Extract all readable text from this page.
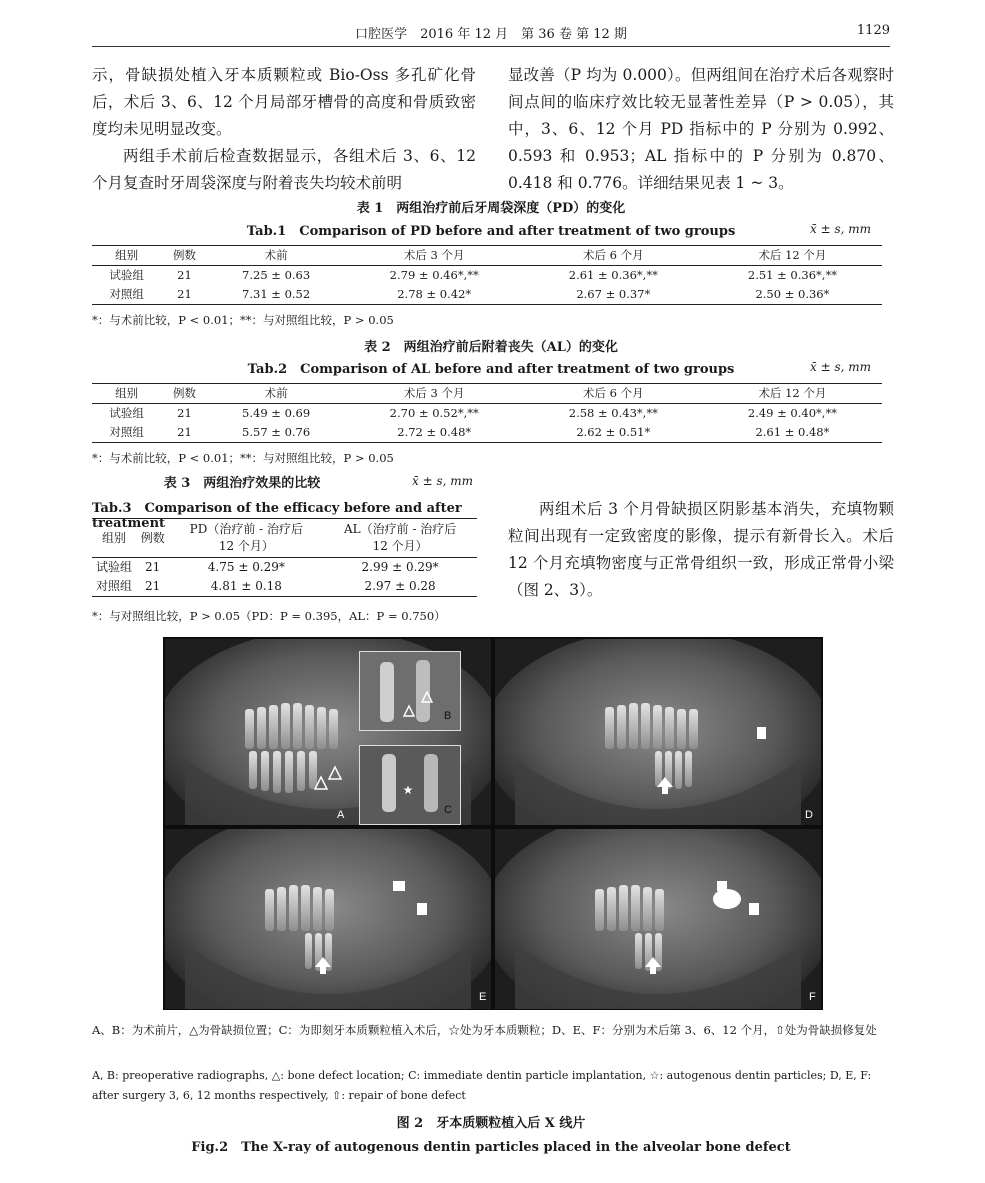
口腔医学　2016 年 12 月　第 36 卷 第 12 期	1129

示，骨缺损处植入牙本质颗粒或 Bio-Oss 多孔矿化骨后，术后 3、6、12 个月局部牙槽骨的高度和骨质致密度均未见明显改变。

两组手术前后检查数据显示，各组术后 3、6、12 个月复查时牙周袋深度与附着丧失均较术前明

显改善（P 均为 0.000）。但两组间在治疗术后各观察时间点间的临床疗效比较无显著性差异（P > 0.05），其中，3、6、12 个月 PD 指标中的 P 分别为 0.992、0.593 和 0.953；AL 指标中的 P 分别为 0.870、0.418 和 0.776。详细结果见表 1 ~ 3。

表 1　两组治疗前后牙周袋深度（PD）的变化
Tab.1　Comparison of PD before and after treatment of two groups	x̄ ± s, mm
组别	例数	术前	术后 3 个月	术后 6 个月	术后 12 个月
试验组	21	7.25 ± 0.63	2.79 ± 0.46*,**	2.61 ± 0.36*,**	2.51 ± 0.36*,**
对照组	21	7.31 ± 0.52	2.78 ± 0.42*	2.67 ± 0.37*	2.50 ± 0.36*
*：与术前比较，P < 0.01；**：与对照组比较，P > 0.05
表 2　两组治疗前后附着丧失（AL）的变化
Tab.2　Comparison of AL before and after treatment of two groups	x̄ ± s, mm
组别	例数	术前	术后 3 个月	术后 6 个月	术后 12 个月
试验组	21	5.49 ± 0.69	2.70 ± 0.52*,**	2.58 ± 0.43*,**	2.49 ± 0.40*,**
对照组	21	5.57 ± 0.76	2.72 ± 0.48*	2.62 ± 0.51*	2.61 ± 0.48*
*：与术前比较，P < 0.01；**：与对照组比较，P > 0.05
表 3　两组治疗效果的比较	x̄ ± s, mm
Tab.3　Comparison of the efficacy before and after treatment
组别	例数	PD（治疗前 - 治疗后 12 个月）	AL（治疗前 - 治疗后 12 个月）
试验组	21	4.75 ± 0.29*	2.99 ± 0.29*
对照组	21	4.81 ± 0.18	2.97 ± 0.28
*：与对照组比较，P > 0.05（PD：P = 0.395，AL：P = 0.750）

两组术后 3 个月骨缺损区阴影基本消失，充填物颗粒间出现有一定致密度的影像，提示有新骨长入。术后 12 个月充填物密度与正常骨组织一致，形成正常骨小梁（图 2、3）。

A
B
★
C	D
E	F
A、B：为术前片，△为骨缺损位置；C：为即刻牙本质颗粒植入术后，☆处为牙本质颗粒；D、E、F：分别为术后第 3、6、12 个月，⇧处为骨缺损修复处
A, B: preoperative radiographs, △: bone defect location; C: immediate dentin particle implantation, ☆: autogenous dentin particles; D, E, F: after surgery 3, 6, 12 months respectively, ⇧: repair of bone defect
图 2　牙本质颗粒植入后 X 线片
Fig.2　The X-ray of autogenous dentin particles placed in the alveolar bone defect
